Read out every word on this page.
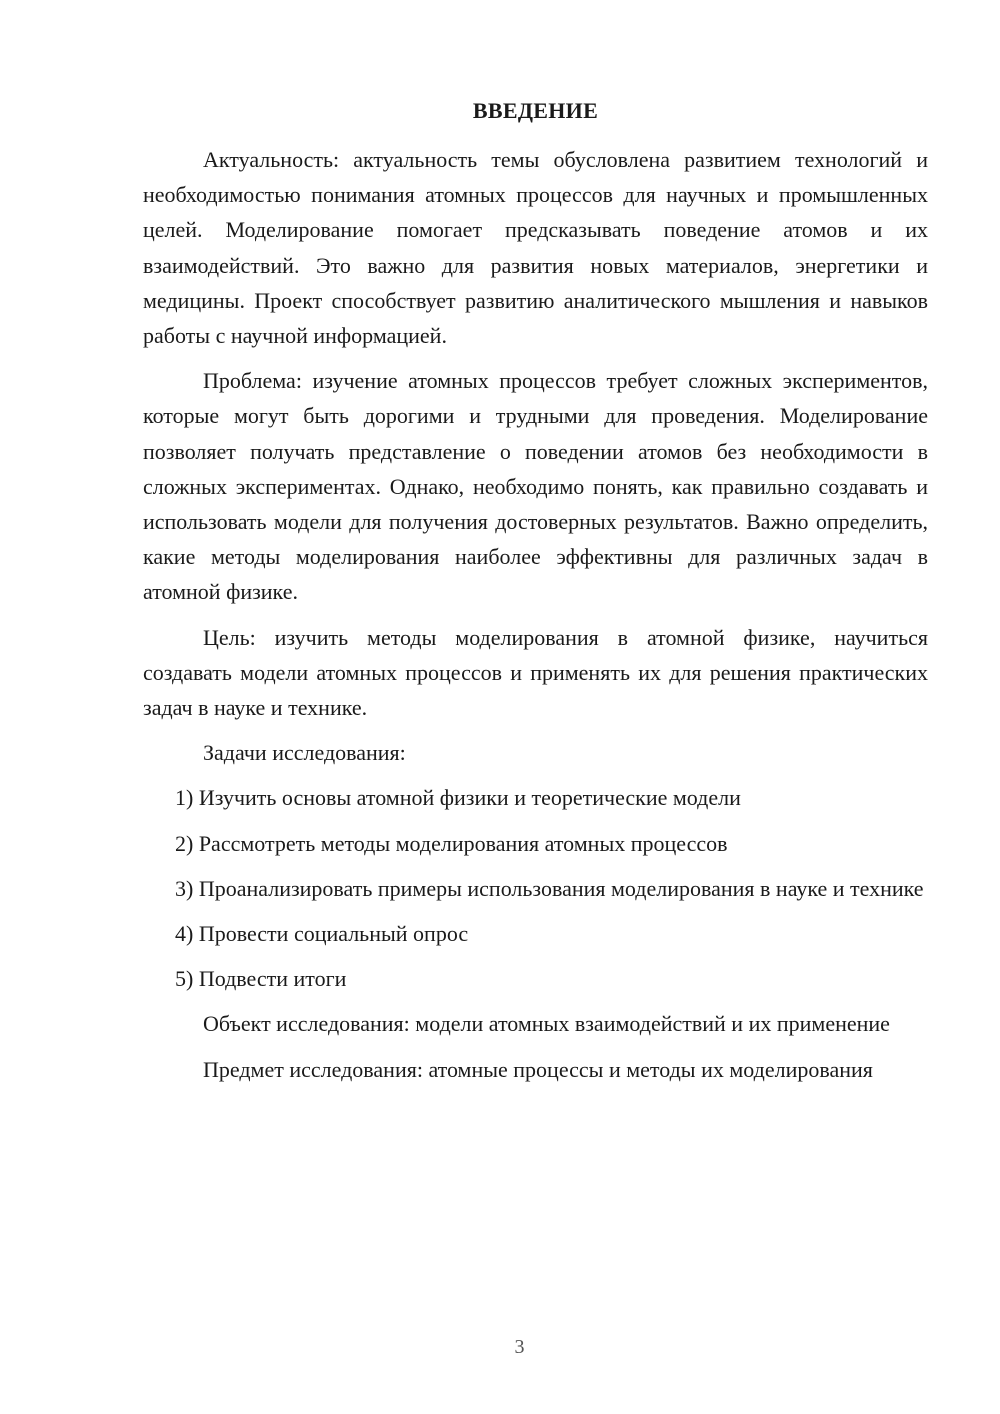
ВВЕДЕНИЕ

Актуальность: актуальность темы обусловлена развитием технологий и необходимостью понимания атомных процессов для научных и промышленных целей. Моделирование помогает предсказывать поведение атомов и их взаимодействий. Это важно для развития новых материалов, энергетики и медицины. Проект способствует развитию аналитического мышления и навыков работы с научной информацией.

Проблема: изучение атомных процессов требует сложных экспериментов, которые могут быть дорогими и трудными для проведения. Моделирование позволяет получать представление о поведении атомов без необходимости в сложных экспериментах. Однако, необходимо понять, как правильно создавать и использовать модели для получения достоверных результатов. Важно определить, какие методы моделирования наиболее эффективны для различных задач в атомной физике.

Цель: изучить методы моделирования в атомной физике, научиться создавать модели атомных процессов и применять их для решения практических задач в науке и технике.

Задачи исследования:

1) Изучить основы атомной физики и теоретические модели

2) Рассмотреть методы моделирования атомных процессов

3) Проанализировать примеры использования моделирования в науке и технике

4) Провести социальный опрос

5) Подвести итоги

Объект исследования: модели атомных взаимодействий и их применение

Предмет исследования: атомные процессы и методы их моделирования

3
